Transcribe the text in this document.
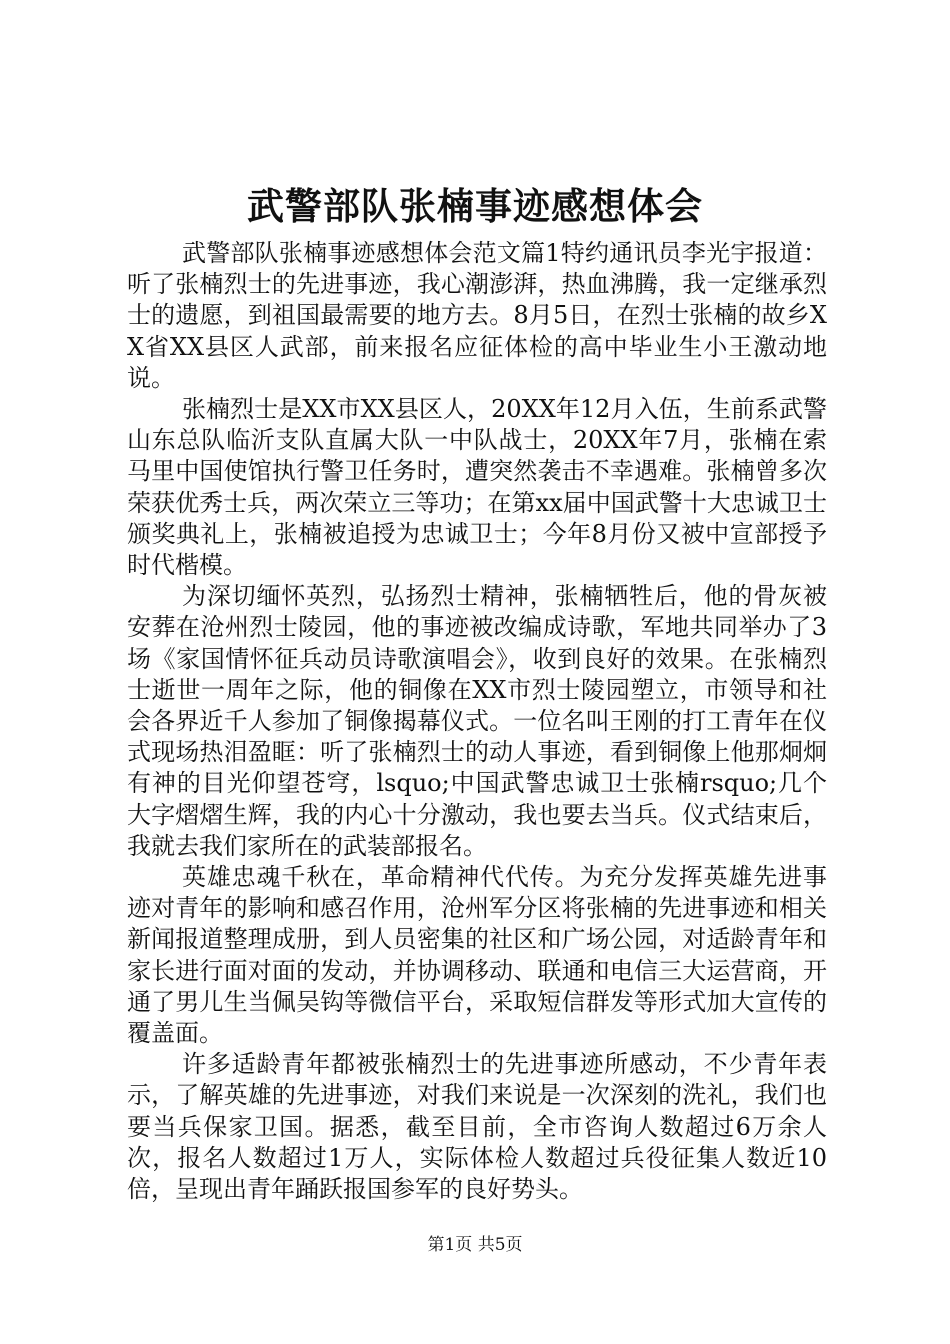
武警部队张楠事迹感想体会

武警部队张楠事迹感想体会范文篇1特约通讯员李光宇报道：听了张楠烈士的先进事迹，我心潮澎湃，热血沸腾，我一定继承烈士的遗愿，到祖国最需要的地方去。8月5日，在烈士张楠的故乡XX省XX县区人武部，前来报名应征体检的高中毕业生小王激动地说。

张楠烈士是XX市XX县区人，20XX年12月入伍，生前系武警山东总队临沂支队直属大队一中队战士，20XX年7月，张楠在索马里中国使馆执行警卫任务时，遭突然袭击不幸遇难。张楠曾多次荣获优秀士兵，两次荣立三等功；在第xx届中国武警十大忠诚卫士颁奖典礼上，张楠被追授为忠诚卫士；今年8月份又被中宣部授予时代楷模。

为深切缅怀英烈，弘扬烈士精神，张楠牺牲后，他的骨灰被安葬在沧州烈士陵园，他的事迹被改编成诗歌，军地共同举办了3场《家国情怀征兵动员诗歌演唱会》，收到良好的效果。在张楠烈士逝世一周年之际，他的铜像在XX市烈士陵园塑立，市领导和社会各界近千人参加了铜像揭幕仪式。一位名叫王刚的打工青年在仪式现场热泪盈眶：听了张楠烈士的动人事迹，看到铜像上他那炯炯有神的目光仰望苍穹，lsquo;中国武警忠诚卫士张楠rsquo;几个大字熠熠生辉，我的内心十分激动，我也要去当兵。仪式结束后，我就去我们家所在的武装部报名。

英雄忠魂千秋在，革命精神代代传。为充分发挥英雄先进事迹对青年的影响和感召作用，沧州军分区将张楠的先进事迹和相关新闻报道整理成册，到人员密集的社区和广场公园，对适龄青年和家长进行面对面的发动，并协调移动、联通和电信三大运营商，开通了男儿生当佩吴钩等微信平台，采取短信群发等形式加大宣传的覆盖面。

许多适龄青年都被张楠烈士的先进事迹所感动，不少青年表示，了解英雄的先进事迹，对我们来说是一次深刻的洗礼，我们也要当兵保家卫国。据悉，截至目前，全市咨询人数超过6万余人次，报名人数超过1万人，实际体检人数超过兵役征集人数近10倍，呈现出青年踊跃报国参军的良好势头。

第1页 共5页
